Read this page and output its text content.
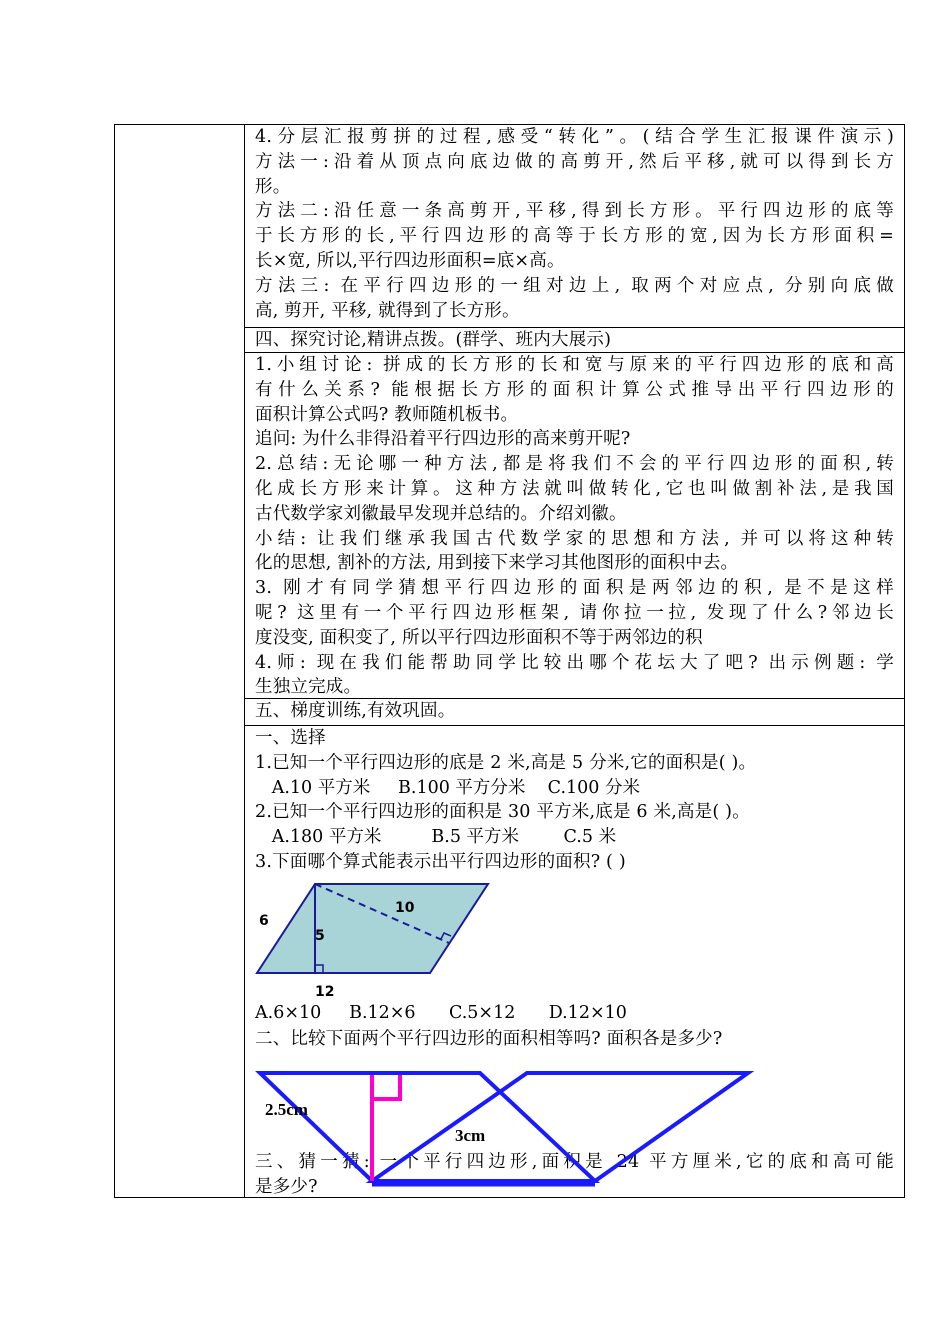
4.分层汇报剪拼的过程,感受“转化”。(结合学生汇报课件演示)
方法一:沿着从顶点向底边做的高剪开,然后平移,就可以得到长方
形。
方法二:沿任意一条高剪开,平移,得到长方形。平行四边形的底等
于长方形的长,平行四边形的高等于长方形的宽,因为长方形面积=
长×宽, 所以,平行四边形面积=底×高。
方法三: 在平行四边形的一组对边上, 取两个对应点, 分别向底做
高, 剪开, 平移, 就得到了长方形。
四、探究讨论,精讲点拨。(群学、班内大展示)
1.小组讨论: 拼成的长方形的长和宽与原来的平行四边形的底和高
有什么关系? 能根据长方形的面积计算公式推导出平行四边形的
面积计算公式吗? 教师随机板书。
追问: 为什么非得沿着平行四边形的高来剪开呢?
2.总结:无论哪一种方法,都是将我们不会的平行四边形的面积,转
化成长方形来计算。这种方法就叫做转化,它也叫做割补法,是我国
古代数学家刘徽最早发现并总结的。介绍刘徽。
小结: 让我们继承我国古代数学家的思想和方法, 并可以将这种转
化的思想, 割补的方法, 用到接下来学习其他图形的面积中去。
3. 刚才有同学猜想平行四边形的面积是两邻边的积, 是不是这样
呢? 这里有一个平行四边形框架, 请你拉一拉, 发现了什么?邻边长
度没变, 面积变了, 所以平行四边形面积不等于两邻边的积
4.师: 现在我们能帮助同学比较出哪个花坛大了吧? 出示例题: 学
生独立完成。
五、梯度训练,有效巩固。
一、选择
1.已知一个平行四边形的底是 2 米,高是 5 分米,它的面积是( )。
A.10 平方米     B.100 平方分米    C.100 分米
2.已知一个平行四边形的面积是 30 平方米,底是 6 米,高是( )。
A.180 平方米         B.5 平方米        C.5 米
3.下面哪个算式能表示出平行四边形的面积? ( )
6
5
10
12
A.6×10     B.12×6      C.5×12      D.12×10
二、比较下面两个平行四边形的面积相等吗? 面积各是多少?
三、猜一猜: 一个平行四边形,面积是 24 平方厘米,它的底和高可能
是多少?
2.5cm
3cm
